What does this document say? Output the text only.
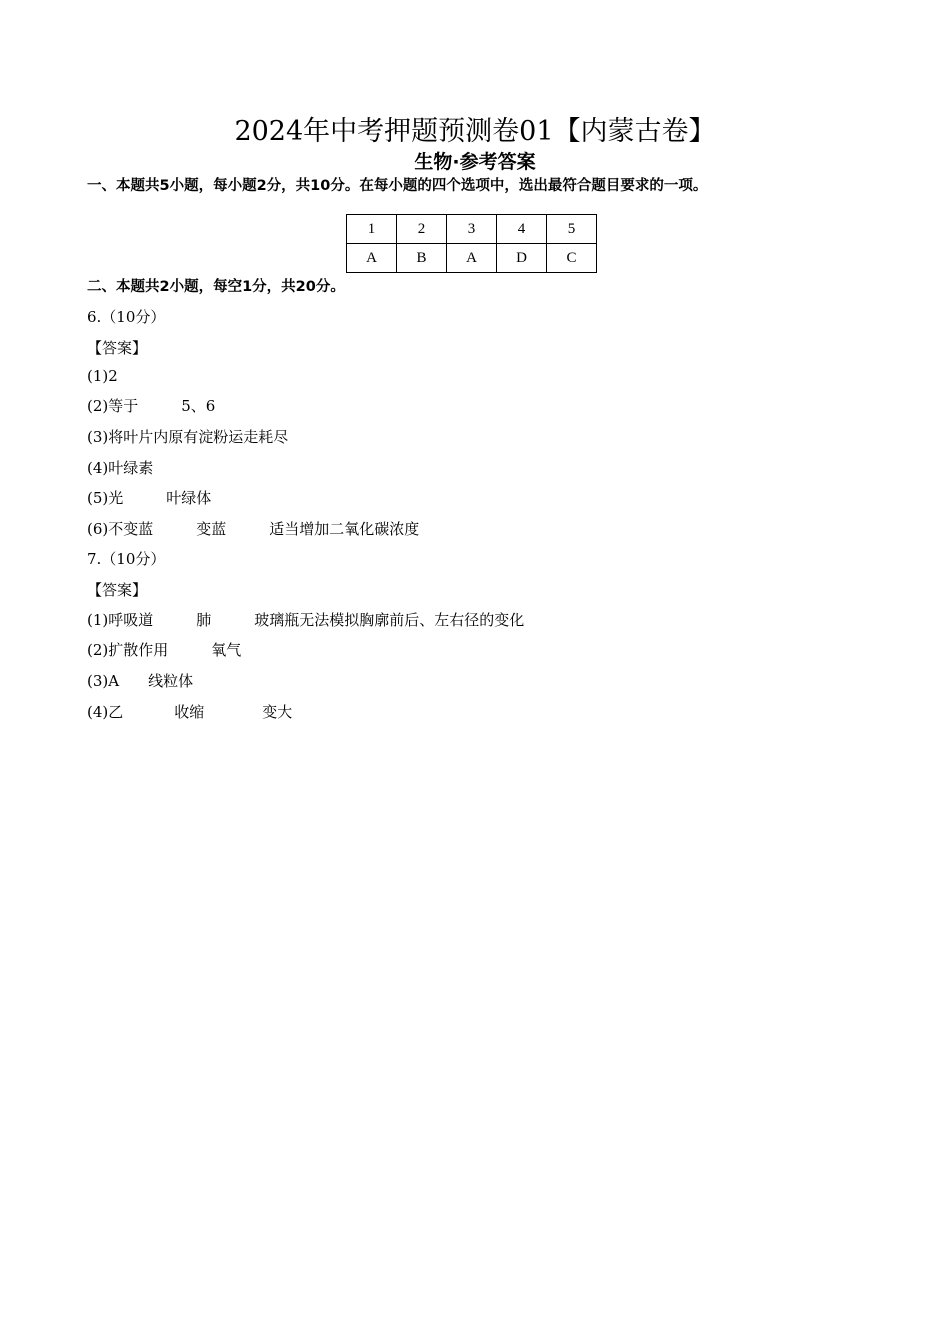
2024年中考押题预测卷01【内蒙古卷】
生物·参考答案
一、本题共5小题，每小题2分，共10分。在每小题的四个选项中，选出最符合题目要求的一项。
1	2	3	4	5
A	B	A	D	C
二、本题共2小题，每空1分，共20分。
6.（10分）
【答案】
(1)2
(2)等于	5、6
(3)将叶片内原有淀粉运走耗尽
(4)叶绿素
(5)光	叶绿体
(6)不变蓝	变蓝	适当增加二氧化碳浓度
7.（10分）
【答案】
(1)呼吸道	肺	玻璃瓶无法模拟胸廓前后、左右径的变化
(2)扩散作用	氧气
(3)A 线粒体
(4)乙	收缩	变大
